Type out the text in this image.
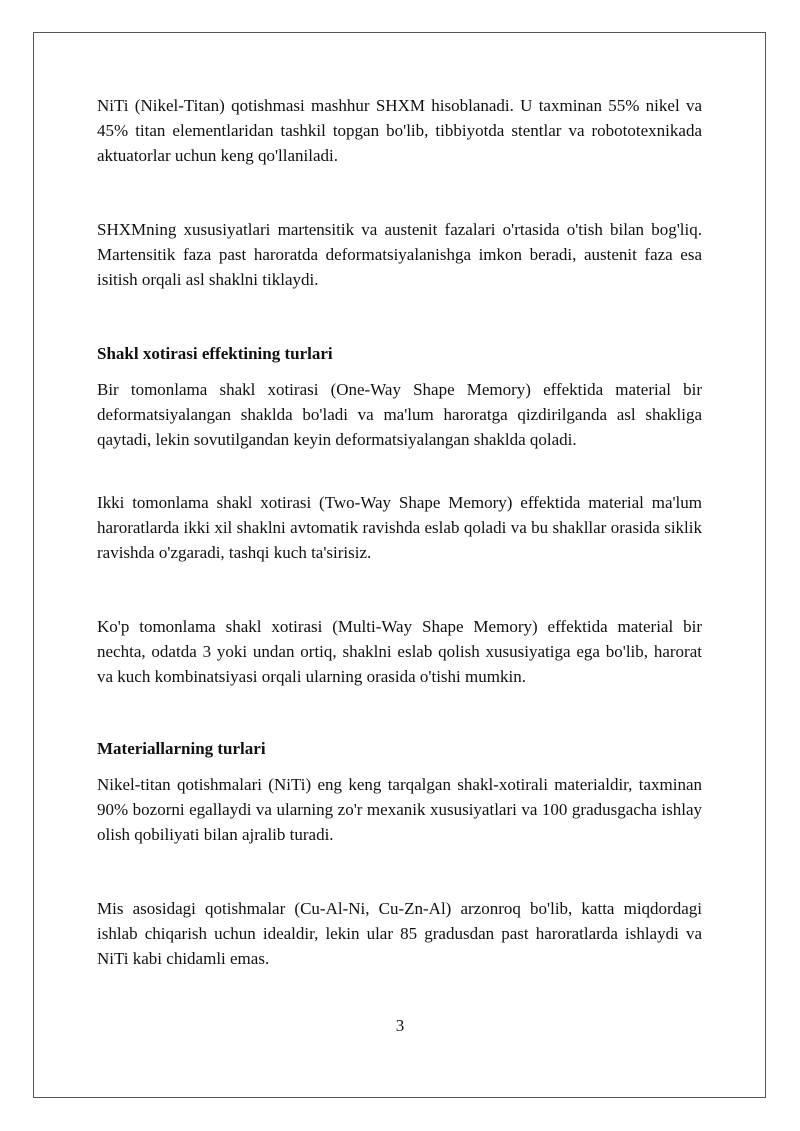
NiTi (Nikel-Titan) qotishmasi mashhur SHXM hisoblanadi. U taxminan 55% nikel va 45% titan elementlaridan tashkil topgan bo'lib, tibbiyotda stentlar va robototexnikada aktuatorlar uchun keng qo'llaniladi.

SHXMning xususiyatlari martensitik va austenit fazalari o'rtasida o'tish bilan bog'liq. Martensitik faza past haroratda deformatsiyalanishga imkon beradi, austenit faza esa isitish orqali asl shaklni tiklaydi.

Shakl xotirasi effektining turlari

Bir tomonlama shakl xotirasi (One-Way Shape Memory) effektida material bir deformatsiyalangan shaklda bo'ladi va ma'lum haroratga qizdirilganda asl shakliga qaytadi, lekin sovutilgandan keyin deformatsiyalangan shaklda qoladi.

Ikki tomonlama shakl xotirasi (Two-Way Shape Memory) effektida material ma'lum haroratlarda ikki xil shaklni avtomatik ravishda eslab qoladi va bu shakllar orasida siklik ravishda o'zgaradi, tashqi kuch ta'sirisiz.

Ko'p tomonlama shakl xotirasi (Multi-Way Shape Memory) effektida material bir nechta, odatda 3 yoki undan ortiq, shaklni eslab qolish xususiyatiga ega bo'lib, harorat va kuch kombinatsiyasi orqali ularning orasida o'tishi mumkin.

Materiallarning turlari

Nikel-titan qotishmalari (NiTi) eng keng tarqalgan shakl-xotirali materialdir, taxminan 90% bozorni egallaydi va ularning zo'r mexanik xususiyatlari va 100 gradusgacha ishlay olish qobiliyati bilan ajralib turadi.

Mis asosidagi qotishmalar (Cu-Al-Ni, Cu-Zn-Al) arzonroq bo'lib, katta miqdordagi ishlab chiqarish uchun idealdir, lekin ular 85 gradusdan past haroratlarda ishlaydi va NiTi kabi chidamli emas.

3
